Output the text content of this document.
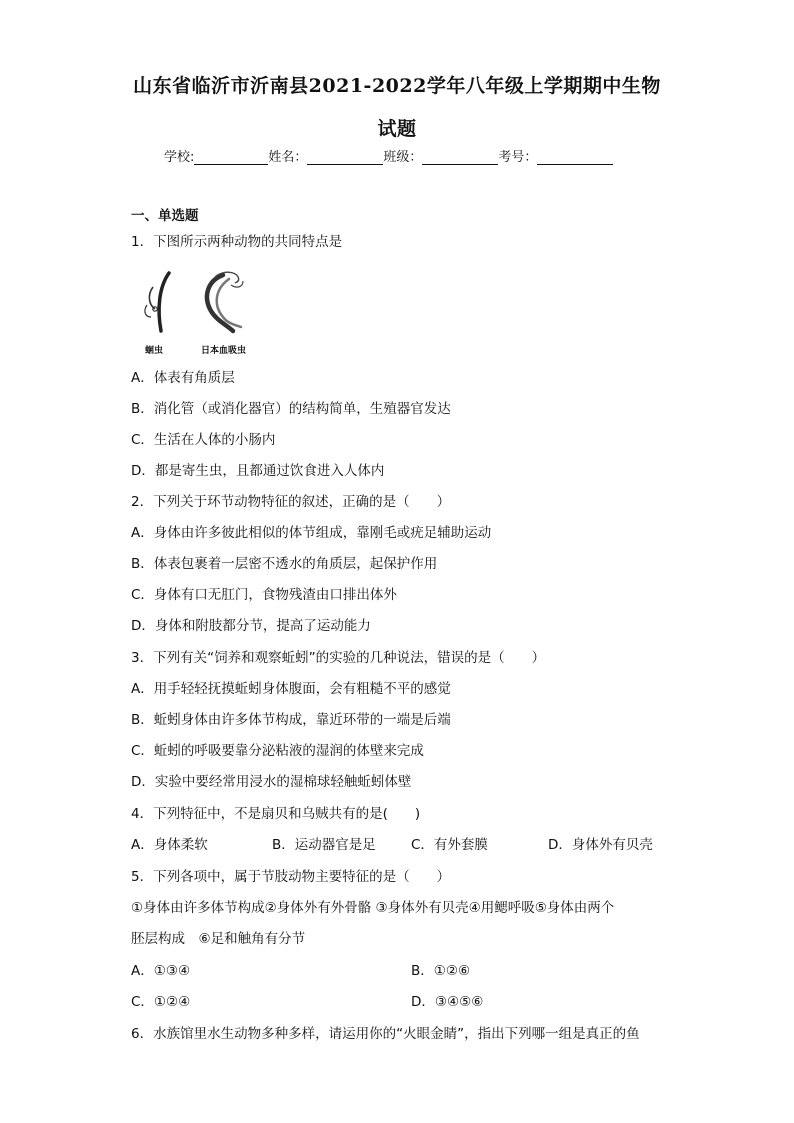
山东省临沂市沂南县2021-2022学年八年级上学期期中生物
试题
学校:	姓名：	班级：	考号：
一、单选题
1．下图所示两种动物的共同特点是
蛔虫	日本血吸虫
A．体表有角质层
B．消化管（或消化器官）的结构简单，生殖器官发达
C．生活在人体的小肠内
D．都是寄生虫，且都通过饮食进入人体内
2．下列关于环节动物特征的叙述，正确的是（　　）
A．身体由许多彼此相似的体节组成，靠刚毛或疣足辅助运动
B．体表包裹着一层密不透水的角质层，起保护作用
C．身体有口无肛门，食物残渣由口排出体外
D．身体和附肢都分节，提高了运动能力
3．下列有关“饲养和观察蚯蚓”的实验的几种说法，错误的是（　　）
A．用手轻轻抚摸蚯蚓身体腹面，会有粗糙不平的感觉
B．蚯蚓身体由许多体节构成，靠近环带的一端是后端
C．蚯蚓的呼吸要靠分泌粘液的湿润的体壁来完成
D．实验中要经常用浸水的湿棉球轻触蚯蚓体壁
4．下列特征中，不是扇贝和乌贼共有的是(　　)
A．身体柔软	B．运动器官是足	C．有外套膜	D．身体外有贝壳
5．下列各项中，属于节肢动物主要特征的是（　　）
①身体由许多体节构成②身体外有外骨骼 ③身体外有贝壳④用鳃呼吸⑤身体由两个
胚层构成　⑥足和触角有分节
A．①③④	B．①②⑥
C．①②④	D．③④⑤⑥
6．水族馆里水生动物多种多样，请运用你的“火眼金睛”，指出下列哪一组是真正的鱼
